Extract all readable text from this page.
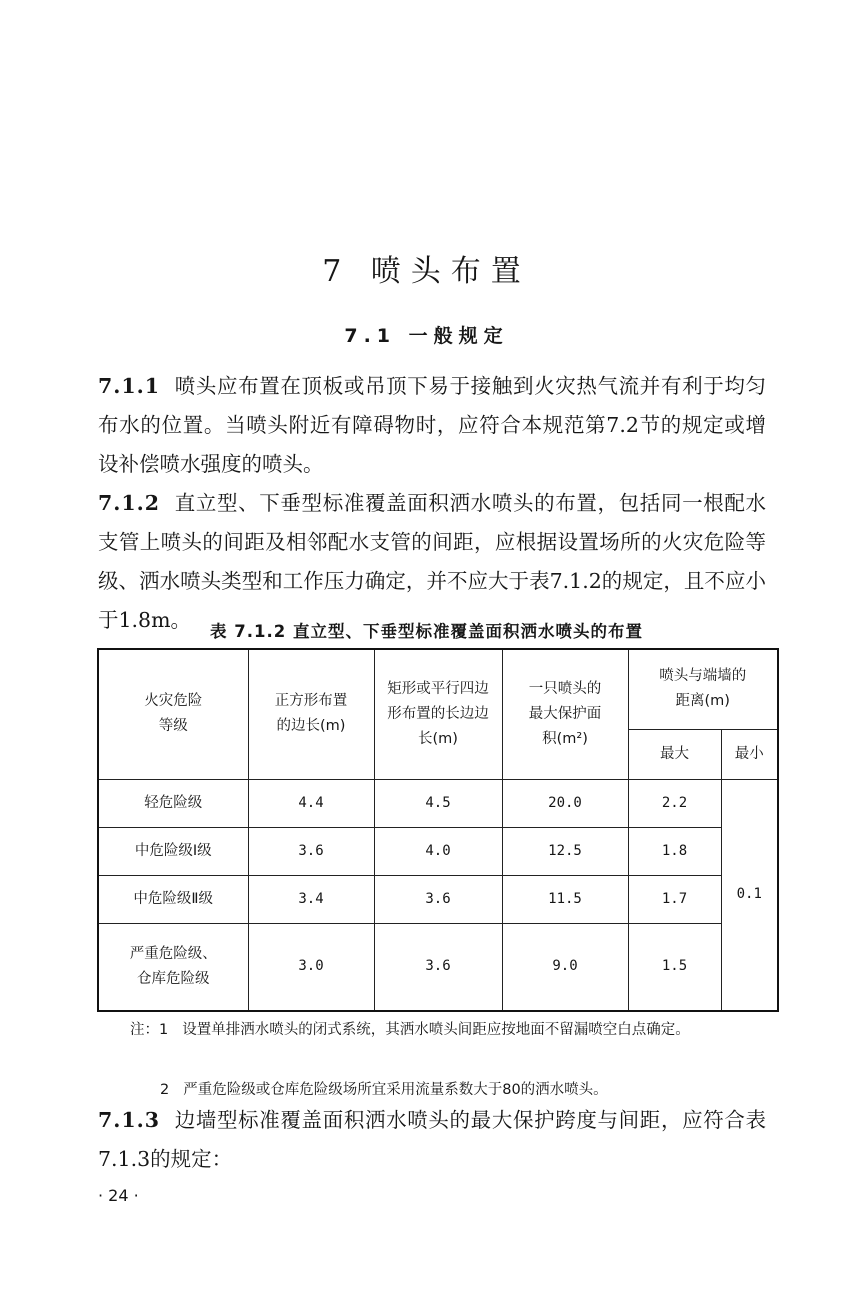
7 喷头布置
7.1 一般规定
7.1.1 喷头应布置在顶板或吊顶下易于接触到火灾热气流并有利于均匀布水的位置。当喷头附近有障碍物时，应符合本规范第7.2节的规定或增设补偿喷水强度的喷头。
7.1.2 直立型、下垂型标准覆盖面积洒水喷头的布置，包括同一根配水支管上喷头的间距及相邻配水支管的间距，应根据设置场所的火灾危险等级、洒水喷头类型和工作压力确定，并不应大于表7.1.2的规定，且不应小于1.8m。	表 7.1.2 直立型、下垂型标准覆盖面积洒水喷头的布置
火灾危险等级	正方形布置的边长(m)	矩形或平行四边形布置的长边边长(m)	一只喷头的最大保护面积(m²)	喷头与端墙的距离(m)	

				最大	最小
轻危险级	4.4	4.5	20.0	2.2	0.1
中危险级Ⅰ级	3.6	4.0	12.5	1.8	
中危险级Ⅱ级	3.4	3.6	11.5	1.7	

严重危险级、仓库危险级	3.0	3.6	9.0	1.5	
注：1 设置单排洒水喷头的闭式系统，其洒水喷头间距应按地面不留漏喷空白点确定。
2 严重危险级或仓库危险级场所宜采用流量系数大于80的洒水喷头。
7.1.3 边墙型标准覆盖面积洒水喷头的最大保护跨度与间距，应符合表7.1.3的规定：
· 24 ·
